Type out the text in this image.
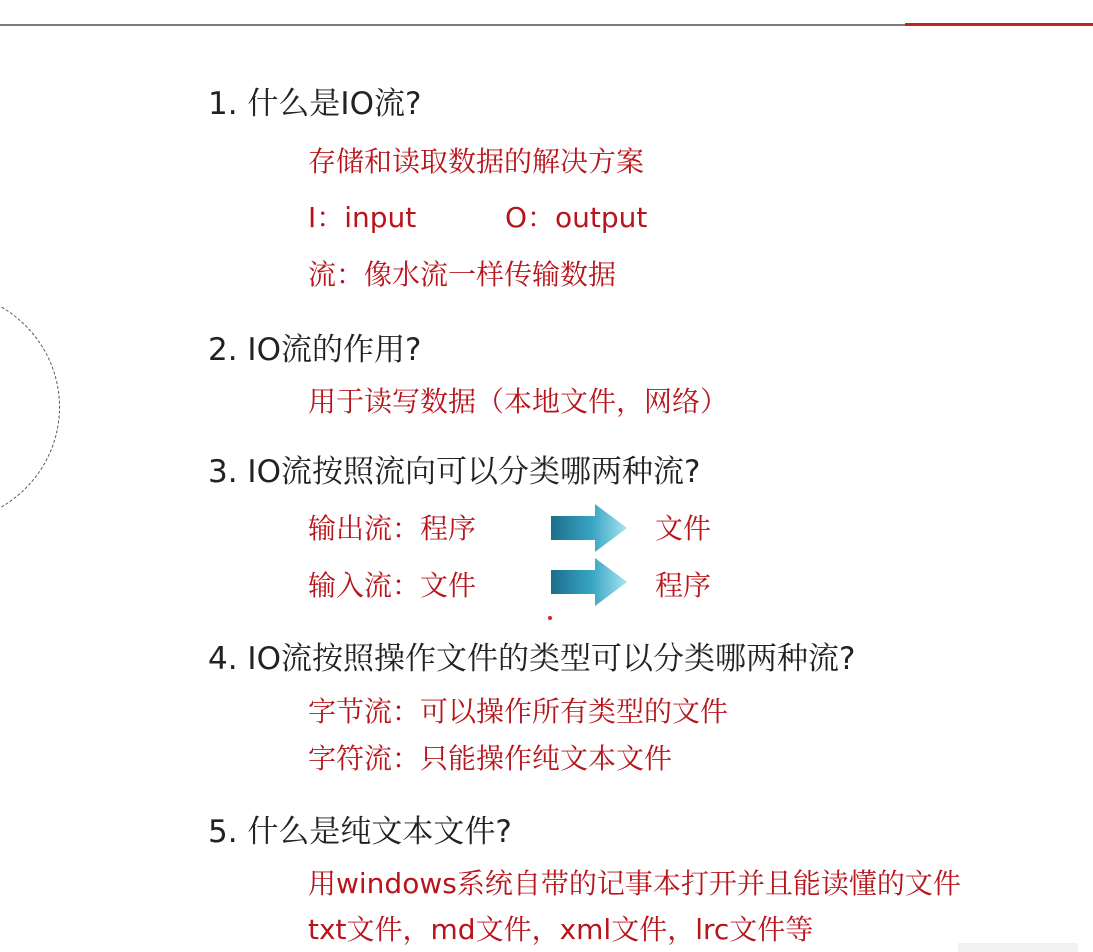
1. 什么是IO流?
存储和读取数据的解决方案
I：input	O：output
流：像水流一样传输数据
2. IO流的作用?
用于读写数据（本地文件，网络）
3. IO流按照流向可以分类哪两种流?
输出流：程序	文件
输入流：文件	程序
4. IO流按照操作文件的类型可以分类哪两种流?
字节流：可以操作所有类型的文件
字符流：只能操作纯文本文件
5. 什么是纯文本文件?
用windows系统自带的记事本打开并且能读懂的文件
txt文件，md文件，xml文件，lrc文件等
